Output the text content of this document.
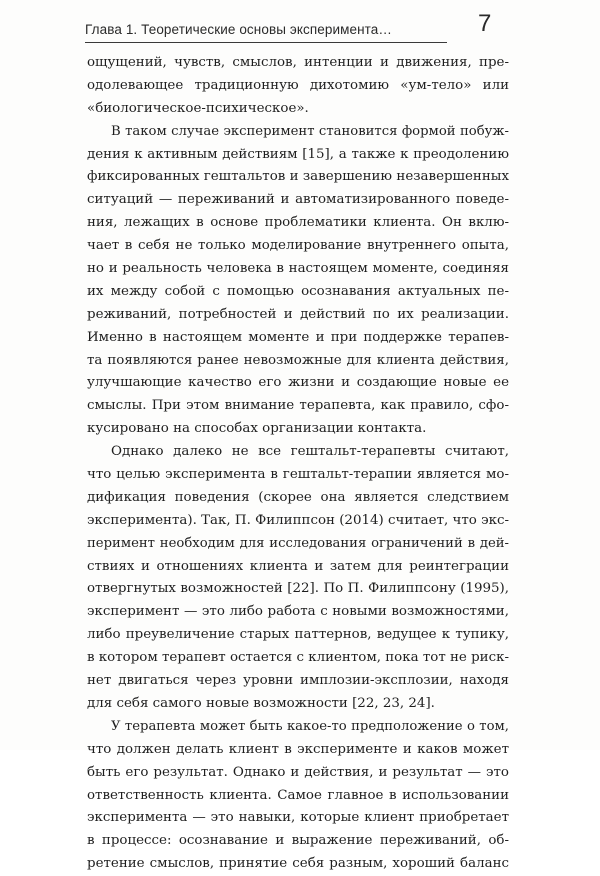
Глава 1. Теоретические основы эксперимента…	7

ощущений, чувств, смыслов, интенции и движения, пре-
одолевающее традиционную дихотомию «ум-тело» или
«биологическое-психическое».

В таком случае эксперимент становится формой побуж-
дения к активным действиям [15], а также к преодолению
фиксированных гештальтов и завершению незавершенных
ситуаций — переживаний и автоматизированного поведе-
ния, лежащих в основе проблематики клиента. Он вклю-
чает в себя не только моделирование внутреннего опыта,
но и реальность человека в настоящем моменте, соединяя
их между собой с помощью осознавания актуальных пе-
реживаний, потребностей и действий по их реализации.
Именно в настоящем моменте и при поддержке терапев-
та появляются ранее невозможные для клиента действия,
улучшающие качество его жизни и создающие новые ее
смыслы. При этом внимание терапевта, как правило, сфо-
кусировано на способах организации контакта.

Однако далеко не все гештальт-терапевты считают,
что целью эксперимента в гештальт-терапии является мо-
дификация поведения (скорее она является следствием
эксперимента). Так, П. Филиппсон (2014) считает, что экс-
перимент необходим для исследования ограничений в дей-
ствиях и отношениях клиента и затем для реинтеграции
отвергнутых возможностей [22]. По П. Филиппсону (1995),
эксперимент — это либо работа с новыми возможностями,
либо преувеличение старых паттернов, ведущее к тупику,
в котором терапевт остается с клиентом, пока тот не риск-
нет двигаться через уровни имплозии-эксплозии, находя
для себя самого новые возможности [22, 23, 24].

У терапевта может быть какое-то предположение о том,
что должен делать клиент в эксперименте и каков может
быть его результат. Однако и действия, и результат — это
ответственность клиента. Самое главное в использовании
эксперимента — это навыки, которые клиент приобретает
в процессе: осознавание и выражение переживаний, об-
ретение смыслов, принятие себя разным, хороший баланс
